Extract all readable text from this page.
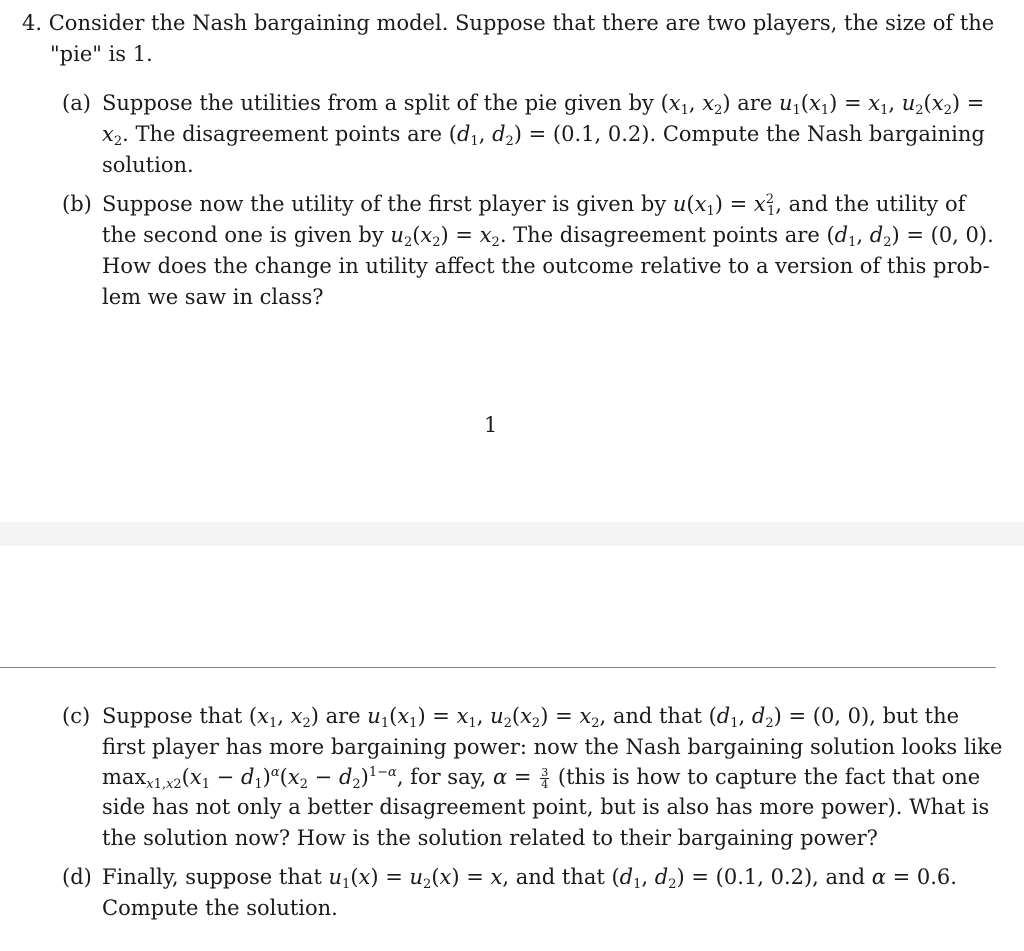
4. Consider the Nash bargaining model. Suppose that there are two players, the size of the
"pie" is 1.
(a) Suppose the utilities from a split of the pie given by ($x_1$, $x_2$) are $u_1(x_1) = x_1$, $u_2(x_2)$ =
$x_2$. The disagreement points are ($d_1$, $d_2) = (0.1$, 0.2). Compute the Nash bargaining
solution.
(b) Suppose now the utility of the first player is given by $u(x_1) = x^2_1$, and the utility of
the second one is given by $u_2(x_2) = x_2$. The disagreement points are ($d_1$, $d_2) = (0$, 0).
How does the change in utility affect the outcome relative to a version of this prob-
lem we saw in class?
1
(c) Suppose that ($x_1$, $x_2$) are $u_1(x_1) = x_1$, $u_2(x_2) = x_2$, and that ($d_1$, $d_2) = (0$, 0), but the
first player has more bargaining power: now the Nash bargaining solution looks like
$\max_{x1,x2}(x_1 - d_1)^\alpha(x_2 - d_2)^{1-\alpha}$, for say, $\alpha = \frac{3}{4}$ (this is how to capture the fact that one
side has not only a better disagreement point, but is also has more power). What is
the solution now? How is the solution related to their bargaining power?
(d) Finally, suppose that $u_1(x) = u_2(x) = x$, and that ($d_1$, $d_2) = (0.1$, 0.2), and α = 0.6.
Compute the solution.
